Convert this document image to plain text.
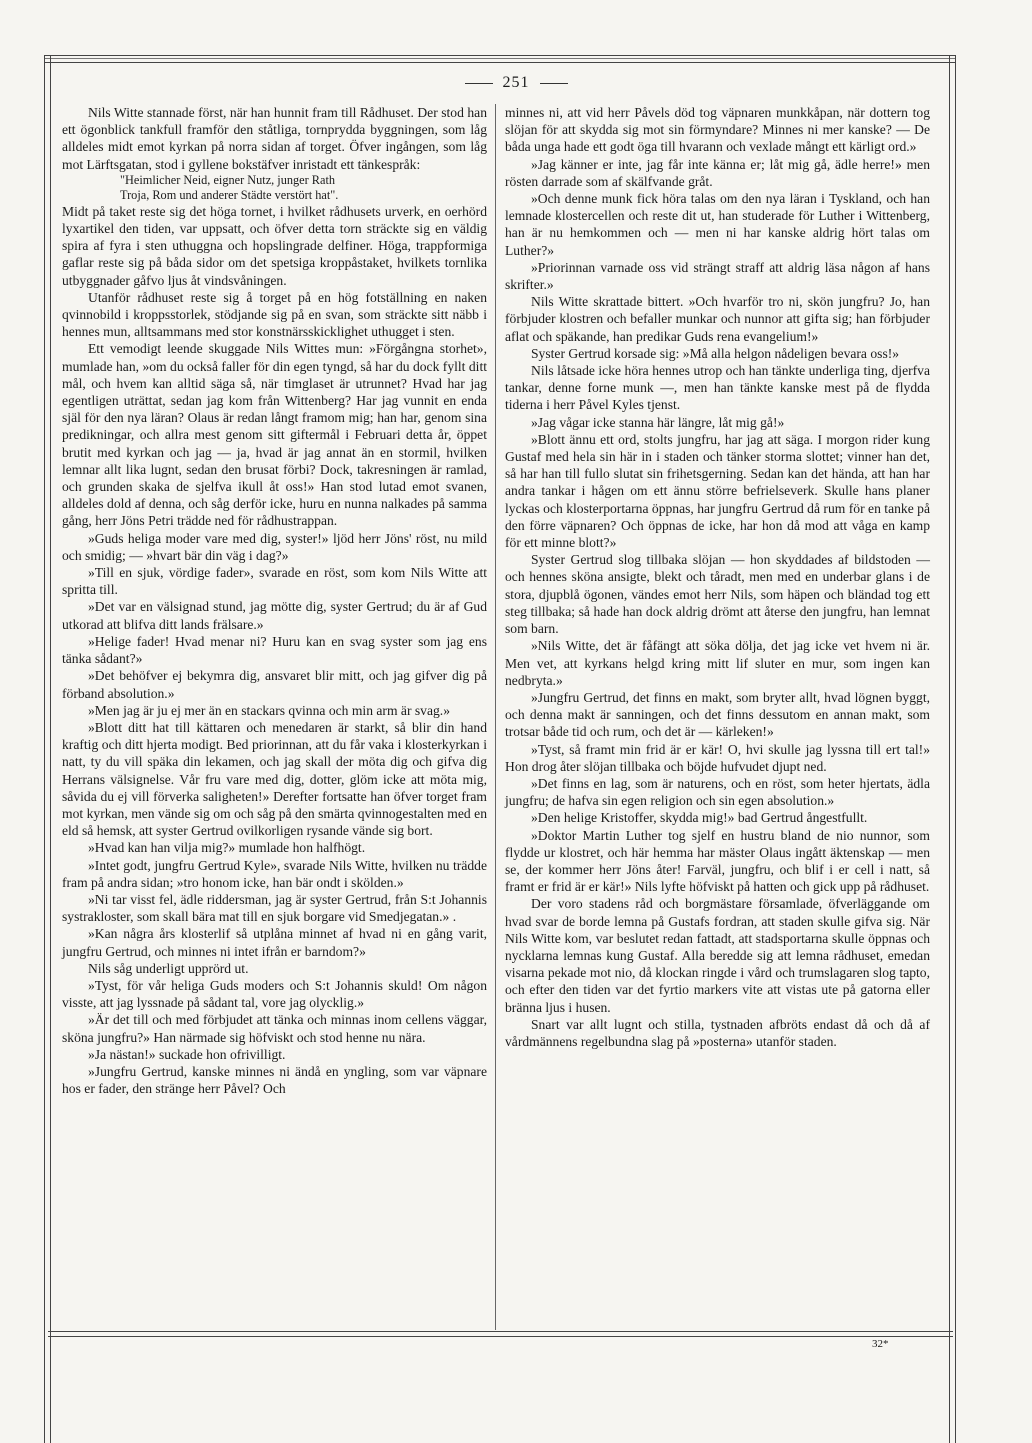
251

Nils Witte stannade först, när han hunnit fram till Rådhuset. Der stod han ett ögonblick tankfull framför den ståtliga, tornprydda byggningen, som låg alldeles midt emot kyrkan på norra sidan af torget. Öfver ingången, som låg mot Lärftsgatan, stod i gyllene bokstäfver inristadt ett tänkespråk:

"Heimlicher Neid, eigner Nutz, junger Rath

Troja, Rom und anderer Städte verstört hat".

Midt på taket reste sig det höga tornet, i hvilket rådhusets urverk, en oerhörd lyxartikel den tiden, var uppsatt, och öfver detta torn sträckte sig en väldig spira af fyra i sten uthuggna och hopslingrade delfiner. Höga, trappformiga gaflar reste sig på båda sidor om det spetsiga kroppåstaket, hvilkets tornlika utbyggnader gåfvo ljus åt vindsvåningen.

Utanför rådhuset reste sig å torget på en hög fotställning en naken qvinnobild i kroppsstorlek, stödjande sig på en svan, som sträckte sitt näbb i hennes mun, alltsammans med stor konstnärsskicklighet uthugget i sten.

Ett vemodigt leende skuggade Nils Wittes mun: »Förgångna storhet», mumlade han, »om du också faller för din egen tyngd, så har du dock fyllt ditt mål, och hvem kan alltid säga så, när timglaset är utrunnet? Hvad har jag egentligen uträttat, sedan jag kom från Wittenberg? Har jag vunnit en enda själ för den nya läran? Olaus är redan långt framom mig; han har, genom sina predikningar, och allra mest genom sitt giftermål i Februari detta år, öppet brutit med kyrkan och jag — ja, hvad är jag annat än en stormil, hvilken lemnar allt lika lugnt, sedan den brusat förbi? Dock, takresningen är ramlad, och grunden skaka de sjelfva ikull åt oss!» Han stod lutad emot svanen, alldeles dold af denna, och såg derför icke, huru en nunna nalkades på samma gång, herr Jöns Petri trädde ned för rådhustrappan.

»Guds heliga moder vare med dig, syster!» ljöd herr Jöns' röst, nu mild och smidig; — »hvart bär din väg i dag?»

»Till en sjuk, vördige fader», svarade en röst, som kom Nils Witte att spritta till.

»Det var en välsignad stund, jag mötte dig, syster Gertrud; du är af Gud utkorad att blifva ditt lands frälsare.»

»Helige fader! Hvad menar ni? Huru kan en svag syster som jag ens tänka sådant?»

»Det behöfver ej bekymra dig, ansvaret blir mitt, och jag gifver dig på förband absolution.»

»Men jag är ju ej mer än en stackars qvinna och min arm är svag.»

»Blott ditt hat till kättaren och menedaren är starkt, så blir din hand kraftig och ditt hjerta modigt. Bed priorinnan, att du får vaka i klosterkyrkan i natt, ty du vill späka din lekamen, och jag skall der möta dig och gifva dig Herrans välsignelse. Vår fru vare med dig, dotter, glöm icke att möta mig, såvida du ej vill förverka saligheten!» Derefter fortsatte han öfver torget fram mot kyrkan, men vände sig om och såg på den smärta qvinnogestalten med en eld så hemsk, att syster Gertrud ovilkorligen rysande vände sig bort.

»Hvad kan han vilja mig?» mumlade hon halfhögt.

»Intet godt, jungfru Gertrud Kyle», svarade Nils Witte, hvilken nu trädde fram på andra sidan; »tro honom icke, han bär ondt i skölden.»

»Ni tar visst fel, ädle riddersman, jag är syster Gertrud, från S:t Johannis systrakloster, som skall bära mat till en sjuk borgare vid Smedjegatan.» .

»Kan några års klosterlif så utplåna minnet af hvad ni en gång varit, jungfru Gertrud, och minnes ni intet ifrån er barndom?»

Nils såg underligt upprörd ut.

»Tyst, för vår heliga Guds moders och S:t Johannis skuld! Om någon visste, att jag lyssnade på sådant tal, vore jag olycklig.»

»Är det till och med förbjudet att tänka och minnas inom cellens väggar, sköna jungfru?» Han närmade sig höfviskt och stod henne nu nära.

»Ja nästan!» suckade hon ofrivilligt.

»Jungfru Gertrud, kanske minnes ni ändå en yngling, som var väpnare hos er fader, den stränge herr Påvel? Och

minnes ni, att vid herr Påvels död tog väpnaren munkkåpan, när dottern tog slöjan för att skydda sig mot sin förmyndare? Minnes ni mer kanske? — De båda unga hade ett godt öga till hvarann och vexlade mångt ett kärligt ord.»

»Jag känner er inte, jag får inte känna er; låt mig gå, ädle herre!» men rösten darrade som af skälfvande gråt.

»Och denne munk fick höra talas om den nya läran i Tyskland, och han lemnade klostercellen och reste dit ut, han studerade för Luther i Wittenberg, han är nu hemkommen och — men ni har kanske aldrig hört talas om Luther?»

»Priorinnan varnade oss vid strängt straff att aldrig läsa någon af hans skrifter.»

Nils Witte skrattade bittert. »Och hvarför tro ni, skön jungfru? Jo, han förbjuder klostren och befaller munkar och nunnor att gifta sig; han förbjuder aflat och späkande, han predikar Guds rena evangelium!»

Syster Gertrud korsade sig: »Må alla helgon nådeligen bevara oss!»

Nils låtsade icke höra hennes utrop och han tänkte underliga ting, djerfva tankar, denne forne munk —, men han tänkte kanske mest på de flydda tiderna i herr Påvel Kyles tjenst.

»Jag vågar icke stanna här längre, låt mig gå!»

»Blott ännu ett ord, stolts jungfru, har jag att säga. I morgon rider kung Gustaf med hela sin här in i staden och tänker storma slottet; vinner han det, så har han till fullo slutat sin frihetsgerning. Sedan kan det hända, att han har andra tankar i hågen om ett ännu större befrielseverk. Skulle hans planer lyckas och klosterportarna öppnas, har jungfru Gertrud då rum för en tanke på den förre väpnaren? Och öppnas de icke, har hon då mod att våga en kamp för ett minne blott?»

Syster Gertrud slog tillbaka slöjan — hon skyddades af bildstoden — och hennes sköna ansigte, blekt och tåradt, men med en underbar glans i de stora, djupblå ögonen, vändes emot herr Nils, som häpen och bländad tog ett steg tillbaka; så hade han dock aldrig drömt att återse den jungfru, han lemnat som barn.

»Nils Witte, det är fåfängt att söka dölja, det jag icke vet hvem ni är. Men vet, att kyrkans helgd kring mitt lif sluter en mur, som ingen kan nedbryta.»

»Jungfru Gertrud, det finns en makt, som bryter allt, hvad lögnen byggt, och denna makt är sanningen, och det finns dessutom en annan makt, som trotsar både tid och rum, och det är — kärleken!»

»Tyst, så framt min frid är er kär! O, hvi skulle jag lyssna till ert tal!» Hon drog åter slöjan tillbaka och böjde hufvudet djupt ned.

»Det finns en lag, som är naturens, och en röst, som heter hjertats, ädla jungfru; de hafva sin egen religion och sin egen absolution.»

»Den helige Kristoffer, skydda mig!» bad Gertrud ångestfullt.

»Doktor Martin Luther tog sjelf en hustru bland de nio nunnor, som flydde ur klostret, och här hemma har mäster Olaus ingått äktenskap — men se, der kommer herr Jöns åter! Farväl, jungfru, och blif i er cell i natt, så framt er frid är er kär!» Nils lyfte höfviskt på hatten och gick upp på rådhuset.

Der voro stadens råd och borgmästare församlade, öfverläggande om hvad svar de borde lemna på Gustafs fordran, att staden skulle gifva sig. När Nils Witte kom, var beslutet redan fattadt, att stadsportarna skulle öppnas och nycklarna lemnas kung Gustaf. Alla beredde sig att lemna rådhuset, emedan visarna pekade mot nio, då klockan ringde i vård och trumslagaren slog tapto, och efter den tiden var det fyrtio markers vite att vistas ute på gatorna eller bränna ljus i husen.

Snart var allt lugnt och stilla, tystnaden afbröts endast då och då af vårdmännens regelbundna slag på »posterna» utanför staden.

32*
